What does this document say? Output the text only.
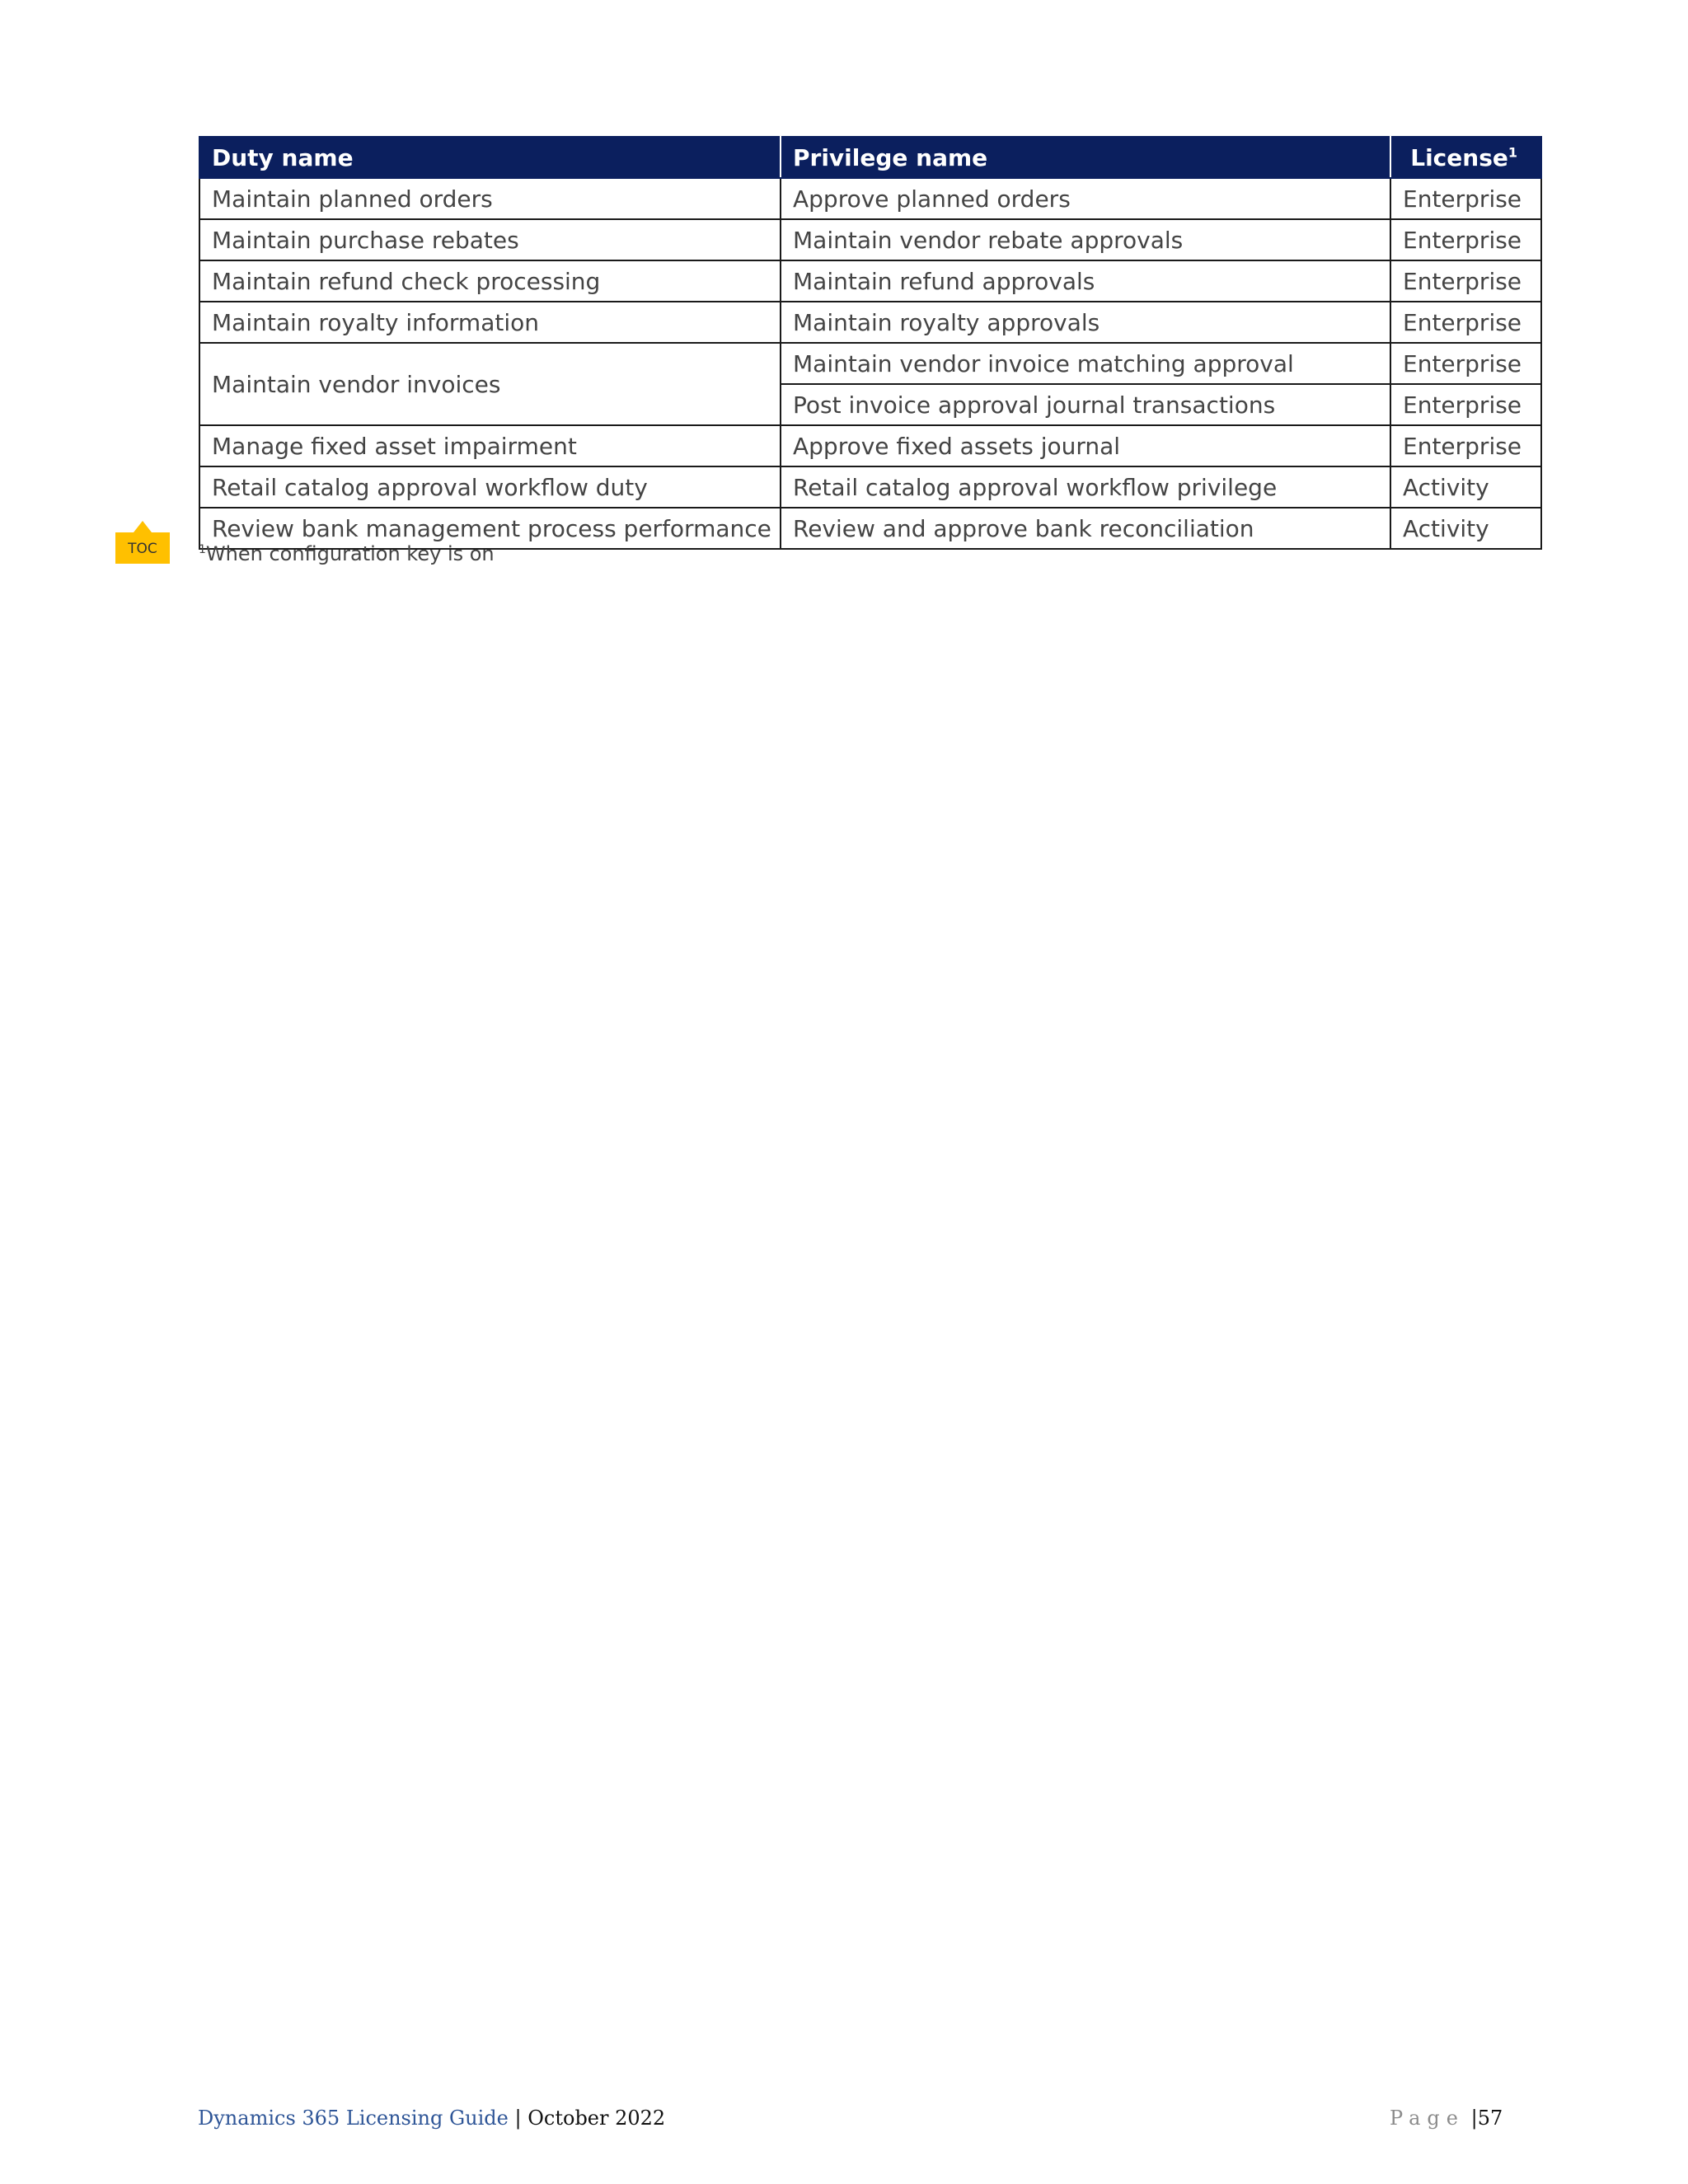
Duty name	Privilege name	License$^1$
Maintain planned orders	Approve planned orders	Enterprise
Maintain purchase rebates	Maintain vendor rebate approvals	Enterprise
Maintain refund check processing	Maintain refund approvals	Enterprise
Maintain royalty information	Maintain royalty approvals	Enterprise
Maintain vendor invoices	Maintain vendor invoice matching approval	Enterprise
	Post invoice approval journal transactions	Enterprise
Manage fixed asset impairment	Approve fixed assets journal	Enterprise
Retail catalog approval workflow duty	Retail catalog approval workflow privilege	Activity
Review bank management process performance	Review and approve bank reconciliation	Activity
TOC	$^1$When configuration key is on
Dynamics 365 Licensing Guide | October 2022	Page |57
